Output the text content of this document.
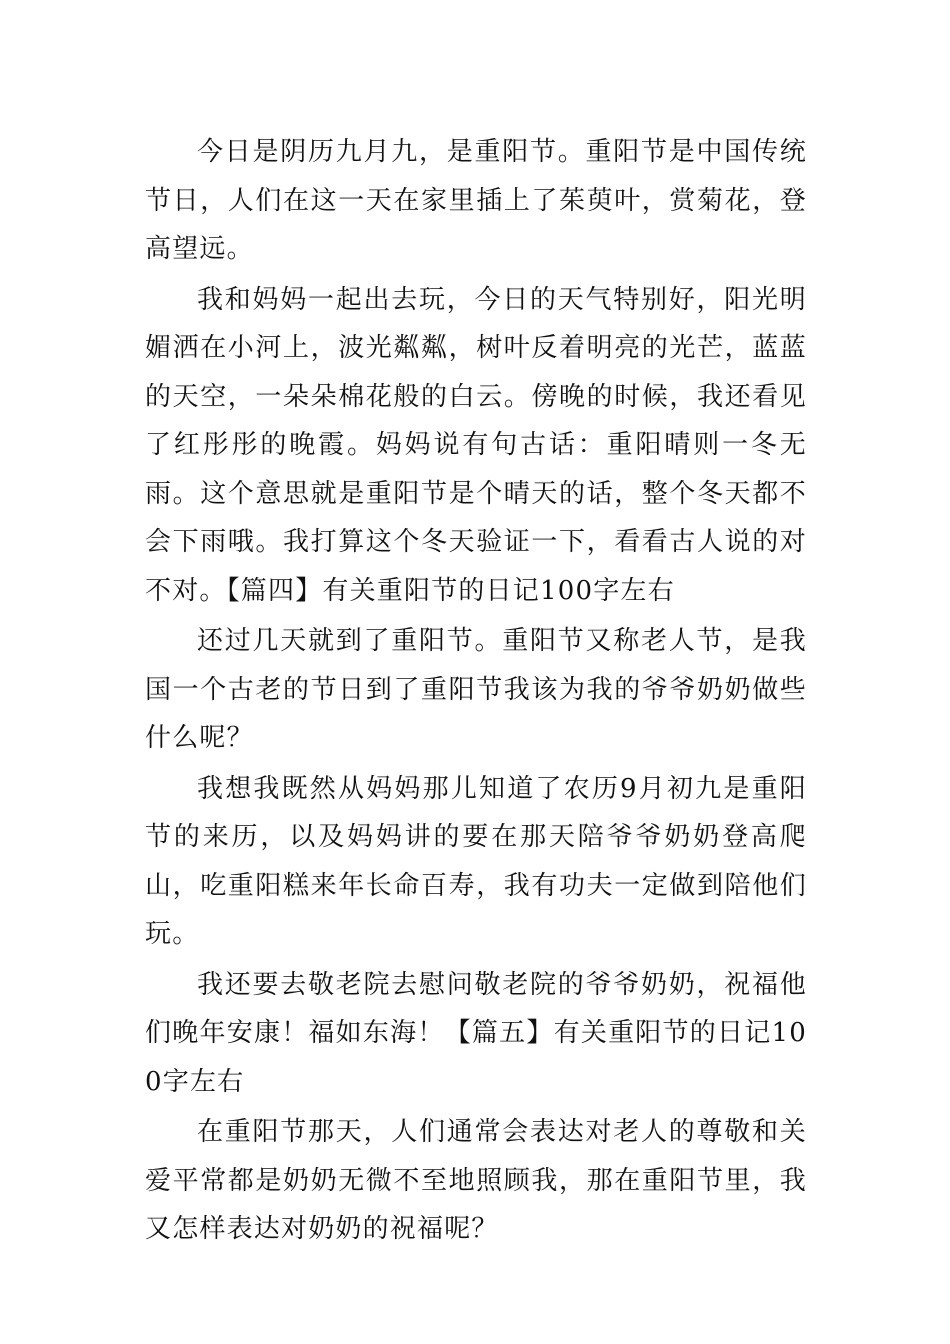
今日是阴历九月九，是重阳节。重阳节是中国传统节日，人们在这一天在家里插上了茱萸叶，赏菊花，登高望远。

我和妈妈一起出去玩，今日的天气特别好，阳光明媚洒在小河上，波光粼粼，树叶反着明亮的光芒，蓝蓝的天空，一朵朵棉花般的白云。傍晚的时候，我还看见了红彤彤的晚霞。妈妈说有句古话：重阳晴则一冬无雨。这个意思就是重阳节是个晴天的话，整个冬天都不会下雨哦。我打算这个冬天验证一下，看看古人说的对不对。【篇四】有关重阳节的日记100字左右

还过几天就到了重阳节。重阳节又称老人节，是我国一个古老的节日到了重阳节我该为我的爷爷奶奶做些什么呢？

我想我既然从妈妈那儿知道了农历9月初九是重阳节的来历，以及妈妈讲的要在那天陪爷爷奶奶登高爬山，吃重阳糕来年长命百寿，我有功夫一定做到陪他们玩。

我还要去敬老院去慰问敬老院的爷爷奶奶，祝福他们晚年安康！福如东海！【篇五】有关重阳节的日记100字左右

在重阳节那天，人们通常会表达对老人的尊敬和关爱平常都是奶奶无微不至地照顾我，那在重阳节里，我又怎样表达对奶奶的祝福呢？
